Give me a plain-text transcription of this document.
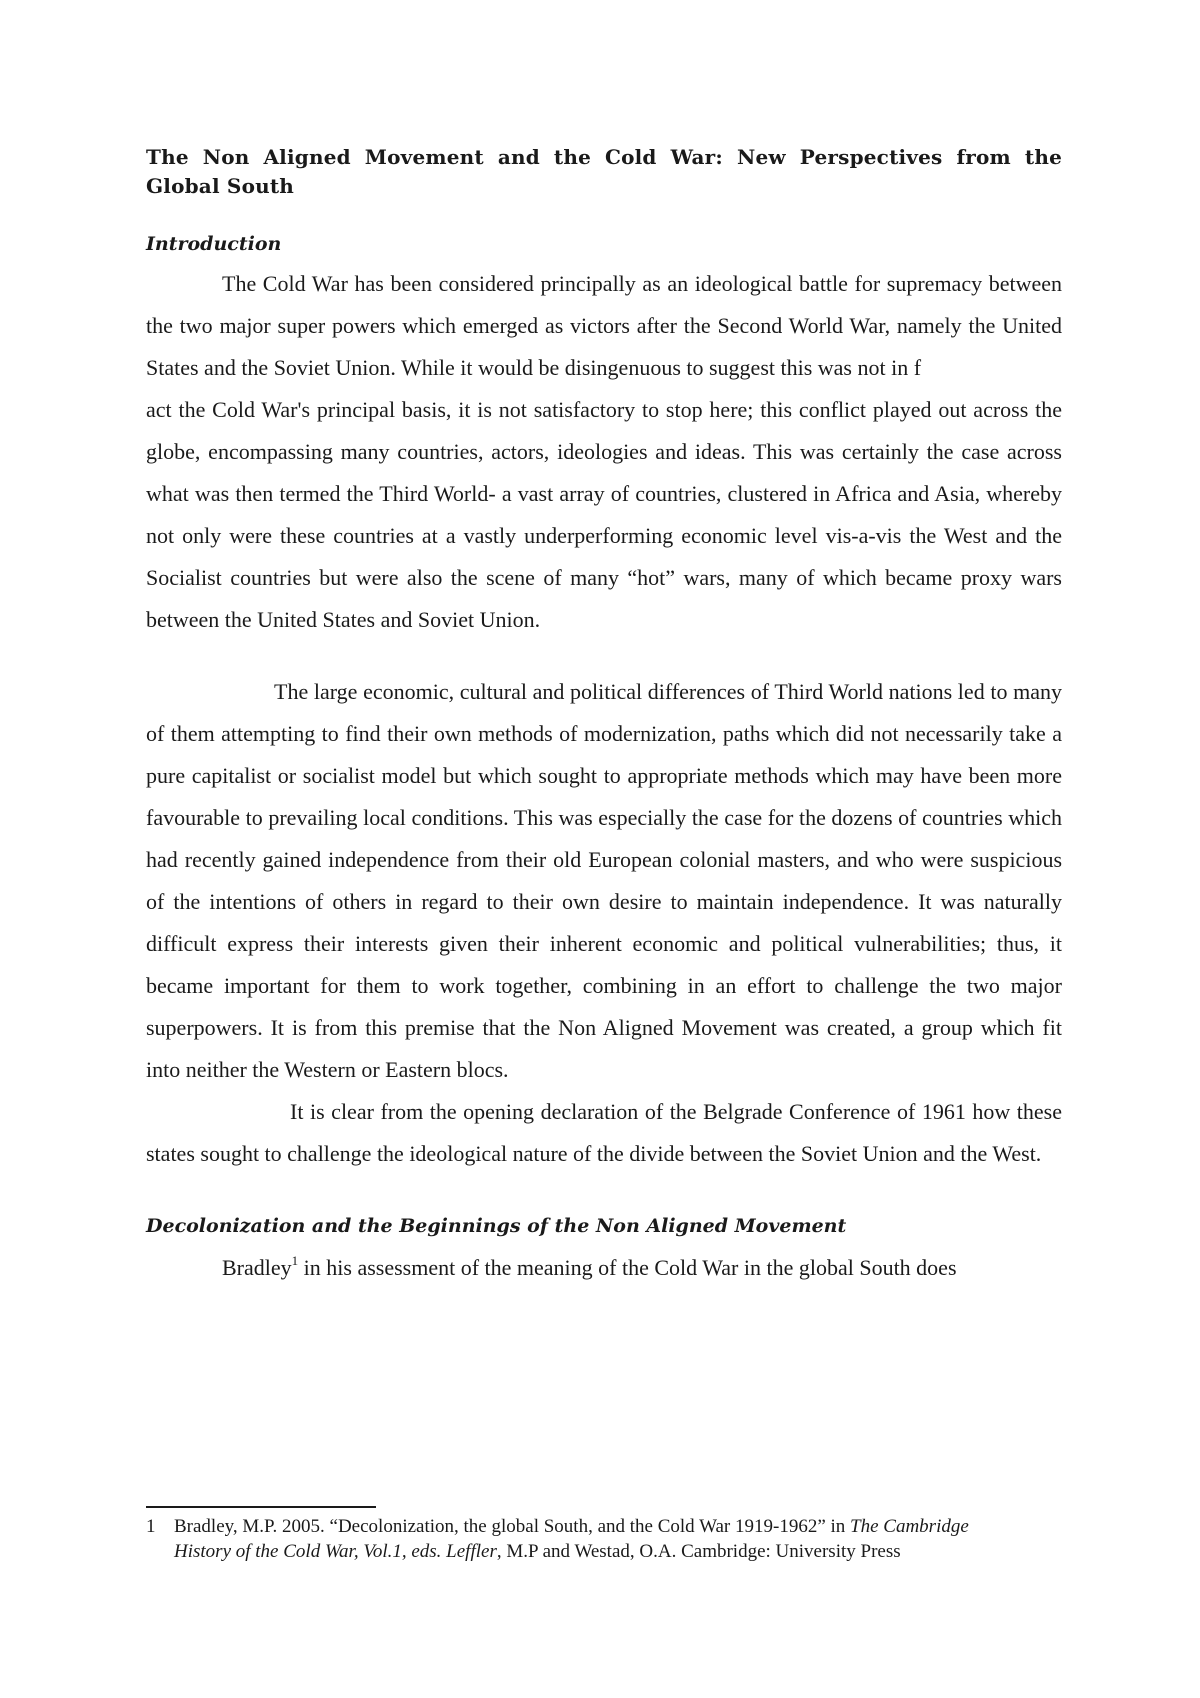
The Non Aligned Movement and the Cold War: New Perspectives from the Global South
Introduction

The Cold War has been considered principally as an ideological battle for supremacy between the two major super powers which emerged as victors after the Second World War, namely the United States and the Soviet Union. While it would be disingenuous to suggest this was not in f

act the Cold War's principal basis, it is not satisfactory to stop here; this conflict played out across the globe, encompassing many countries, actors, ideologies and ideas. This was certainly the case across what was then termed the Third World- a vast array of countries, clustered in Africa and Asia, whereby not only were these countries at a vastly underperforming economic level vis-a-vis the West and the Socialist countries but were also the scene of many “hot” wars, many of which became proxy wars between the United States and Soviet Union.

The large economic, cultural and political differences of Third World nations led to many of them attempting to find their own methods of modernization, paths which did not necessarily take a pure capitalist or socialist model but which sought to appropriate methods which may have been more favourable to prevailing local conditions. This was especially the case for the dozens of countries which had recently gained independence from their old European colonial masters, and who were suspicious of the intentions of others in regard to their own desire to maintain independence. It was naturally difficult express their interests given their inherent economic and political vulnerabilities; thus, it became important for them to work together, combining in an effort to challenge the two major superpowers. It is from this premise that the Non Aligned Movement was created, a group which fit into neither the Western or Eastern blocs.

It is clear from the opening declaration of the Belgrade Conference of 1961 how these states sought to challenge the ideological nature of the divide between the Soviet Union and the West.

Decolonization and the Beginnings of the Non Aligned Movement

Bradley$^1$ in his assessment of the meaning of the Cold War in the global South does

1 Bradley, M.P. 2005. “Decolonization, the global South, and the Cold War 1919-1962” in The Cambridge
History of the Cold War, Vol.1, eds. Leffler, M.P and Westad, O.A. Cambridge: University Press
